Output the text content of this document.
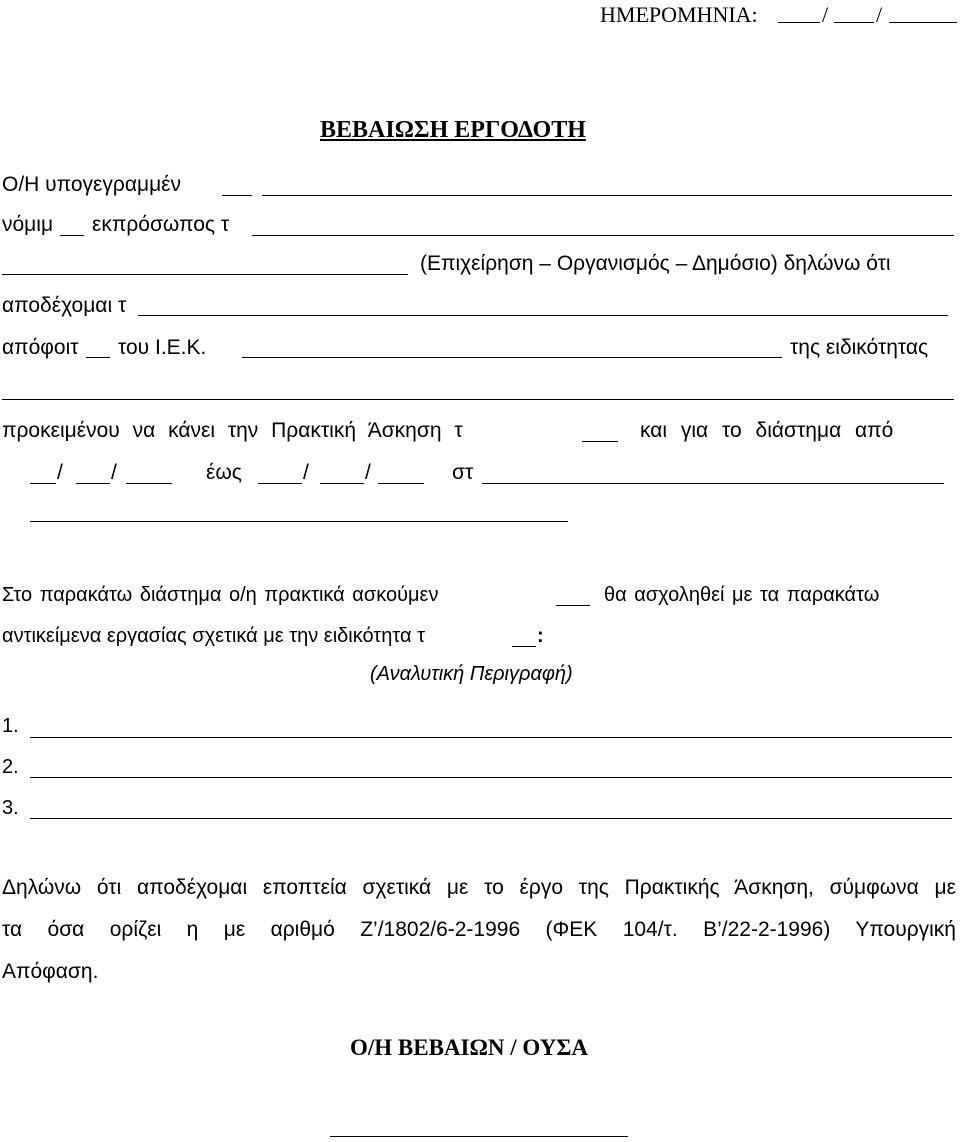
ΗΜΕΡΟΜΗΝΙΑ:	/ /
ΒΕΒΑΙΩΣΗ ΕΡΓΟΔΟΤΗ
Ο/Η υπογεγραμμέν
νόμιμ εκπρόσωπος τ
(Επιχείρηση – Οργανισμός – Δημόσιο) δηλώνω ότι
αποδέχομαι τ
απόφοιτ του Ι.Ε.Κ.	της ειδικότητας
προκειμένου να κάνει την Πρακτική Άσκηση τ	και για το διάστημα από
/ /	έως	/	/	στ
Στο παρακάτω διάστημα ο/η πρακτικά ασκούμεν	θα ασχοληθεί με τα παρακάτω
αντικείμενα εργασίας σχετικά με την ειδικότητα τ	:
(Αναλυτική Περιγραφή)
1.
2.
3.
Δηλώνω ότι αποδέχομαι εποπτεία σχετικά με το έργο της Πρακτικής Άσκηση, σύμφωνα με
τα όσα ορίζει η με αριθμό Ζ’/1802/6-2-1996 (ΦΕΚ 104/τ. Β’/22-2-1996) Υπουργική
Απόφαση.
Ο/Η ΒΕΒΑΙΩΝ / ΟΥΣΑ
